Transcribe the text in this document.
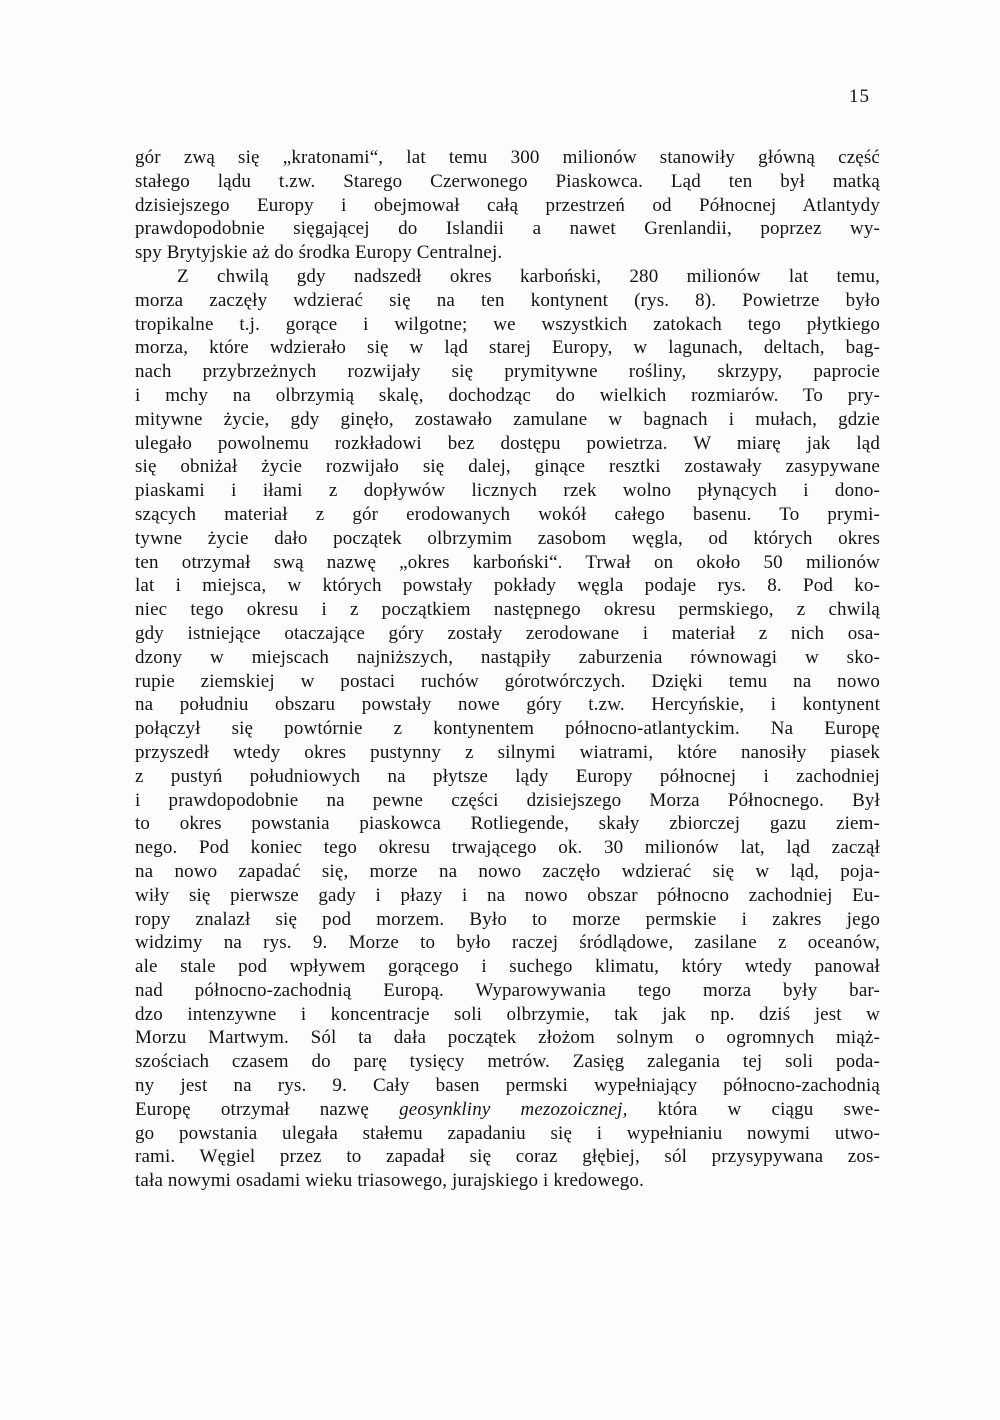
15
gór zwą się „kratonami“, lat temu 300 milionów stanowiły główną część
stałego lądu t.zw. Starego Czerwonego Piaskowca. Ląd ten był matką
dzisiejszego Europy i obejmował całą przestrzeń od Północnej Atlantydy
prawdopodobnie sięgającej do Islandii a nawet Grenlandii, poprzez wy-
spy Brytyjskie aż do środka Europy Centralnej.
Z chwilą gdy nadszedł okres karboński, 280 milionów lat temu,
morza zaczęły wdzierać się na ten kontynent (rys. 8). Powietrze było
tropikalne t.j. gorące i wilgotne; we wszystkich zatokach tego płytkiego
morza, które wdzierało się w ląd starej Europy, w lagunach, deltach, bag-
nach przybrzeżnych rozwijały się prymitywne rośliny, skrzypy, paprocie
i mchy na olbrzymią skalę, dochodząc do wielkich rozmiarów. To pry-
mitywne życie, gdy ginęło, zostawało zamulane w bagnach i mułach, gdzie
ulegało powolnemu rozkładowi bez dostępu powietrza. W miarę jak ląd
się obniżał życie rozwijało się dalej, ginące resztki zostawały zasypywane
piaskami i iłami z dopływów licznych rzek wolno płynących i dono-
szących materiał z gór erodowanych wokół całego basenu. To prymi-
tywne życie dało początek olbrzymim zasobom węgla, od których okres
ten otrzymał swą nazwę „okres karboński“. Trwał on około 50 milionów
lat i miejsca, w których powstały pokłady węgla podaje rys. 8. Pod ko-
niec tego okresu i z początkiem następnego okresu permskiego, z chwilą
gdy istniejące otaczające góry zostały zerodowane i materiał z nich osa-
dzony w miejscach najniższych, nastąpiły zaburzenia równowagi w sko-
rupie ziemskiej w postaci ruchów górotwórczych. Dzięki temu na nowo
na południu obszaru powstały nowe góry t.zw. Hercyńskie, i kontynent
połączył się powtórnie z kontynentem północno-atlantyckim. Na Europę
przyszedł wtedy okres pustynny z silnymi wiatrami, które nanosiły piasek
z pustyń południowych na płytsze lądy Europy północnej i zachodniej
i prawdopodobnie na pewne części dzisiejszego Morza Północnego. Był
to okres powstania piaskowca Rotliegende, skały zbiorczej gazu ziem-
nego. Pod koniec tego okresu trwającego ok. 30 milionów lat, ląd zaczął
na nowo zapadać się, morze na nowo zaczęło wdzierać się w ląd, poja-
wiły się pierwsze gady i płazy i na nowo obszar północno zachodniej Eu-
ropy znalazł się pod morzem. Było to morze permskie i zakres jego
widzimy na rys. 9. Morze to było raczej śródlądowe, zasilane z oceanów,
ale stale pod wpływem gorącego i suchego klimatu, który wtedy panował
nad północno-zachodnią Europą. Wyparowywania tego morza były bar-
dzo intenzywne i koncentracje soli olbrzymie, tak jak np. dziś jest w
Morzu Martwym. Sól ta dała początek złożom solnym o ogromnych miąż-
szościach czasem do parę tysięcy metrów. Zasięg zalegania tej soli poda-
ny jest na rys. 9. Cały basen permski wypełniający północno-zachodnią
Europę otrzymał nazwę geosynkliny mezozoicznej, która w ciągu swe-
go powstania ulegała stałemu zapadaniu się i wypełnianiu nowymi utwo-
rami. Węgiel przez to zapadał się coraz głębiej, sól przysypywana zos-
tała nowymi osadami wieku triasowego, jurajskiego i kredowego.
